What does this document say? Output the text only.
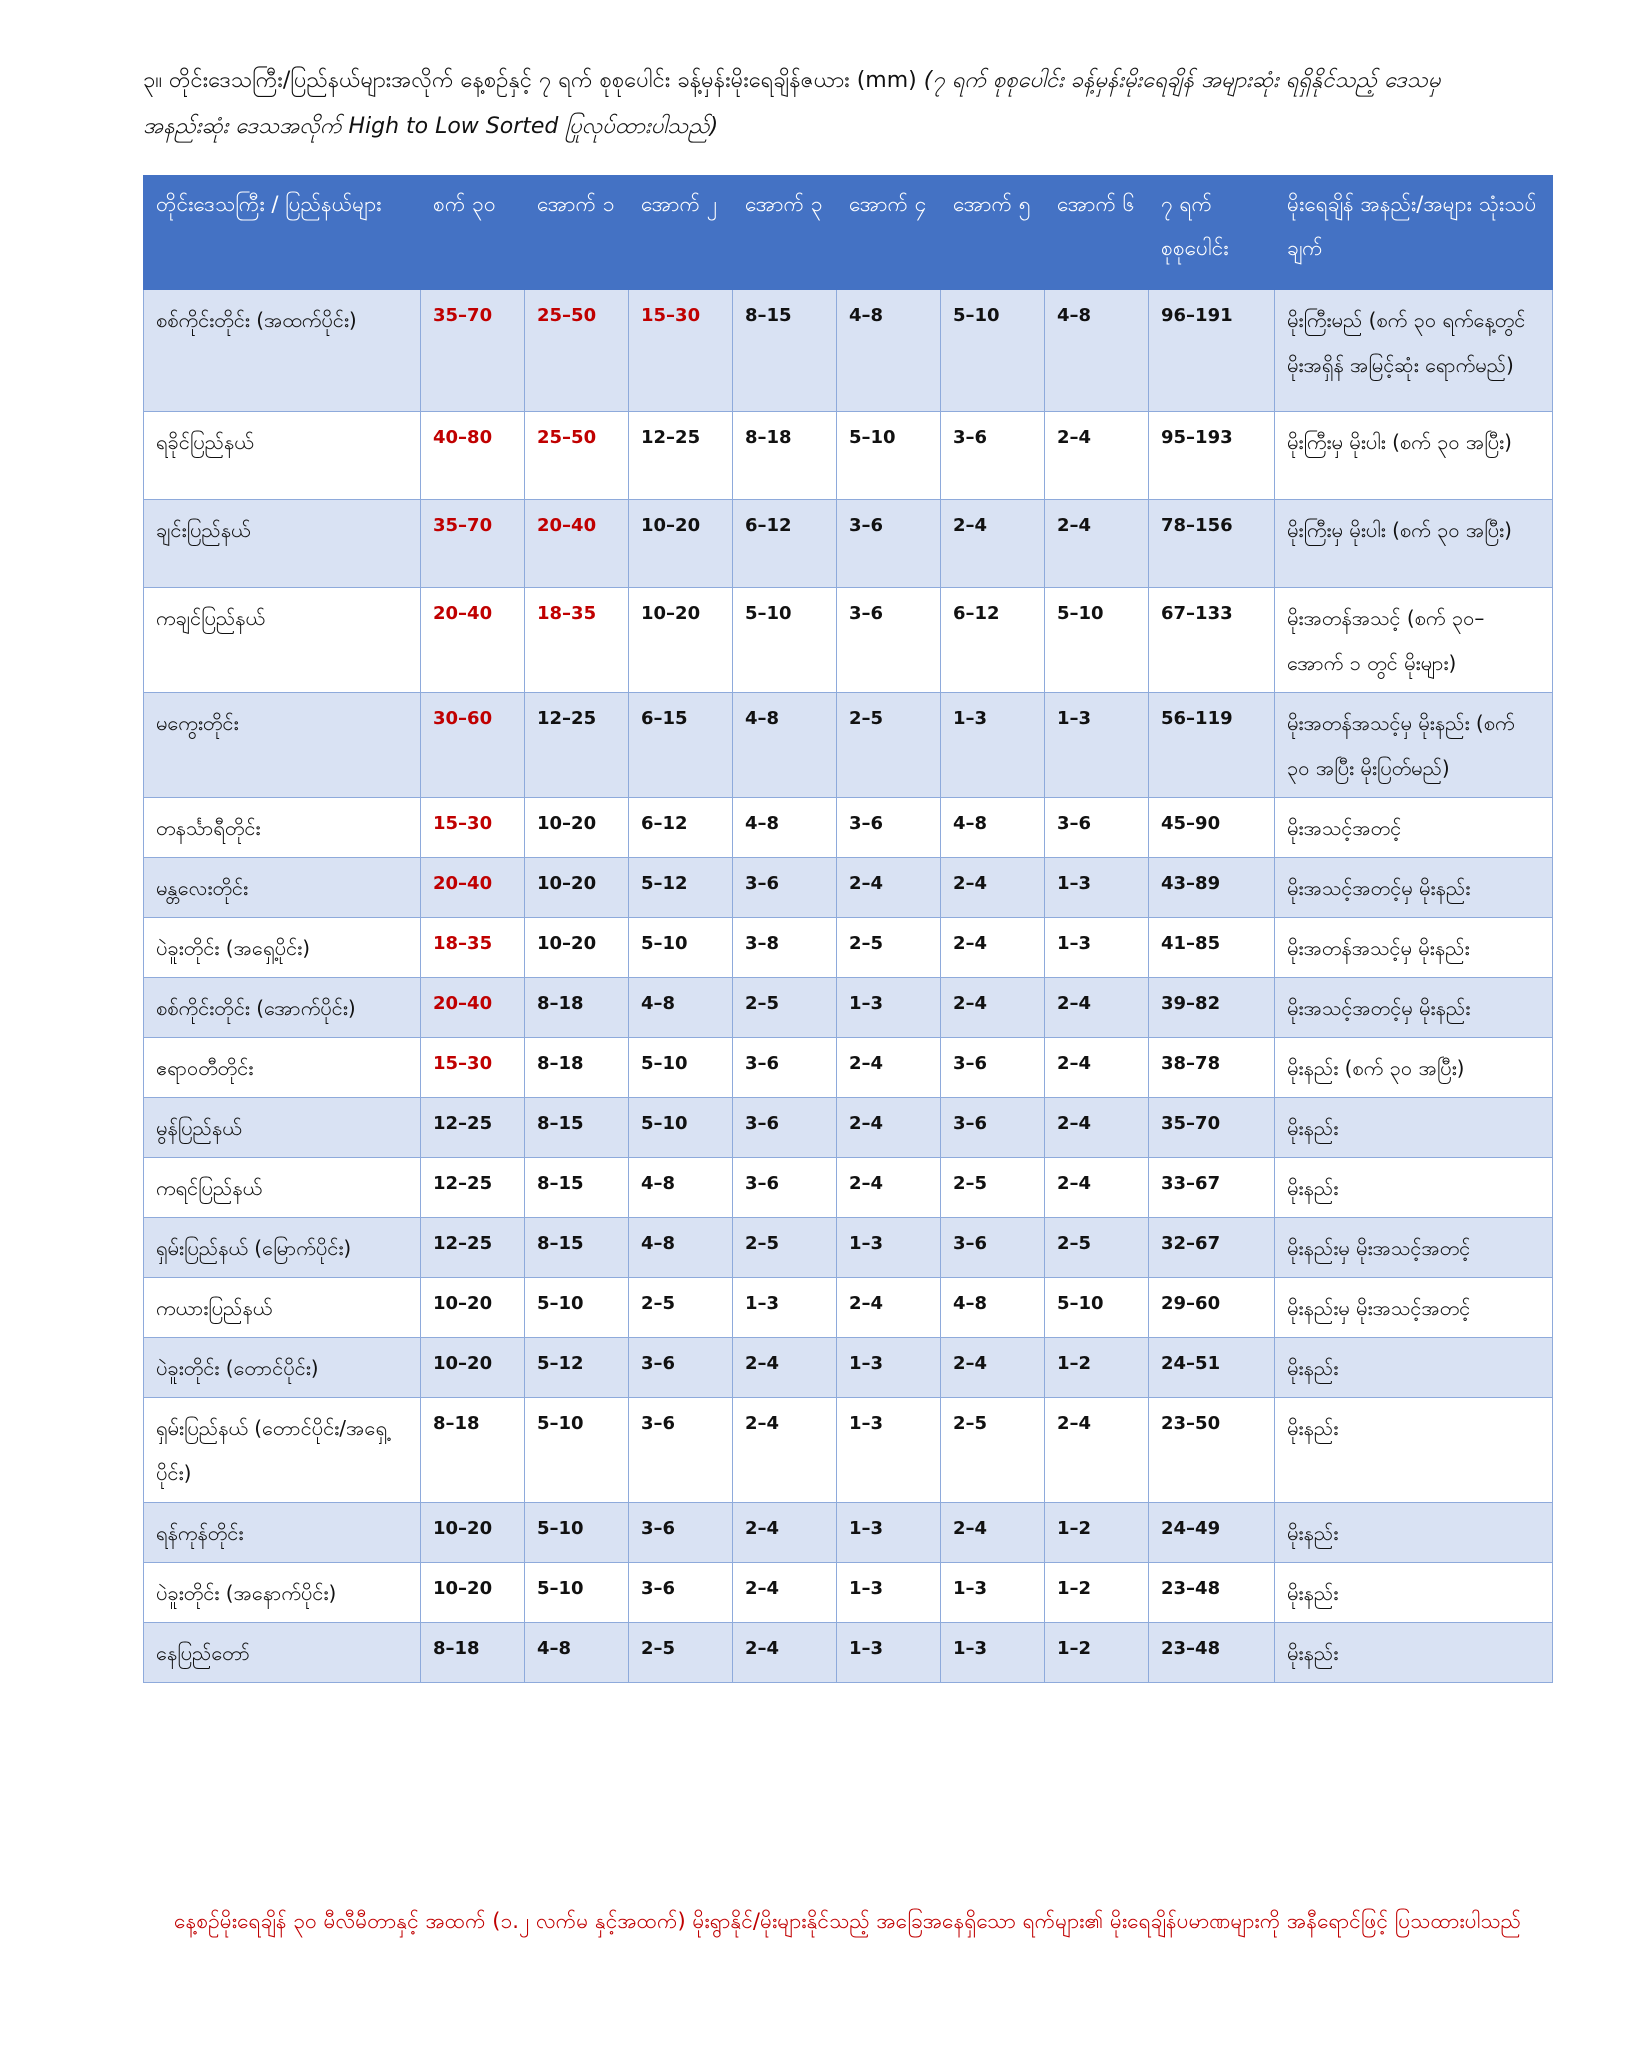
၃။ တိုင်းဒေသကြီး/ပြည်နယ်များအလိုက် နေ့စဉ်နှင့် ၇ ရက် စုစုပေါင်း ခန့်မှန်းမိုးရေချိန်ဇယား (mm) (၇ ရက် စုစုပေါင်း ခန့်မှန်းမိုးရေချိန် အများဆုံး ရရှိနိုင်သည့် ဒေသမှ အနည်းဆုံး ဒေသအလိုက် High to Low Sorted ပြုလုပ်ထားပါသည်)
တိုင်းဒေသကြီး / ပြည်နယ်များ	စက် ၃၀	အောက် ၁	အောက် ၂	အောက် ၃	အောက် ၄	အောက် ၅	အောက် ၆	၇ ရက် စုစုပေါင်း	မိုးရေချိန် အနည်း/အများ သုံးသပ်ချက်
စစ်ကိုင်းတိုင်း (အထက်ပိုင်း)	35–70	25–50	15–30	8–15	4–8	5–10	4–8	96–191	မိုးကြီးမည် (စက် ၃၀ ရက်နေ့တွင် မိုးအရှိန် အမြင့်ဆုံး ရောက်မည်)
ရခိုင်ပြည်နယ်	40–80	25–50	12–25	8–18	5–10	3–6	2–4	95–193	မိုးကြီးမှ မိုးပါး (စက် ၃၀ အပြီး)
ချင်းပြည်နယ်	35–70	20–40	10–20	6–12	3–6	2–4	2–4	78–156	မိုးကြီးမှ မိုးပါး (စက် ၃၀ အပြီး)
ကချင်ပြည်နယ်	20–40	18–35	10–20	5–10	3–6	6–12	5–10	67–133	မိုးအတန်အသင့် (စက် ၃၀–အောက် ၁ တွင် မိုးများ)
မကွေးတိုင်း	30–60	12–25	6–15	4–8	2–5	1–3	1–3	56–119	မိုးအတန်အသင့်မှ မိုးနည်း (စက် ၃၀ အပြီး မိုးပြတ်မည်)
တနင်္သာရီတိုင်း	15–30	10–20	6–12	4–8	3–6	4–8	3–6	45–90	မိုးအသင့်အတင့်
မန္တလေးတိုင်း	20–40	10–20	5–12	3–6	2–4	2–4	1–3	43–89	မိုးအသင့်အတင့်မှ မိုးနည်း
ပဲခူးတိုင်း (အရှေ့ပိုင်း)	18–35	10–20	5–10	3–8	2–5	2–4	1–3	41–85	မိုးအတန်အသင့်မှ မိုးနည်း
စစ်ကိုင်းတိုင်း (အောက်ပိုင်း)	20–40	8–18	4–8	2–5	1–3	2–4	2–4	39–82	မိုးအသင့်အတင့်မှ မိုးနည်း
ဧရာဝတီတိုင်း	15–30	8–18	5–10	3–6	2–4	3–6	2–4	38–78	မိုးနည်း (စက် ၃၀ အပြီး)
မွန်ပြည်နယ်	12–25	8–15	5–10	3–6	2–4	3–6	2–4	35–70	မိုးနည်း
ကရင်ပြည်နယ်	12–25	8–15	4–8	3–6	2–4	2–5	2–4	33–67	မိုးနည်း
ရှမ်းပြည်နယ် (မြောက်ပိုင်း)	12–25	8–15	4–8	2–5	1–3	3–6	2–5	32–67	မိုးနည်းမှ မိုးအသင့်အတင့်
ကယားပြည်နယ်	10–20	5–10	2–5	1–3	2–4	4–8	5–10	29–60	မိုးနည်းမှ မိုးအသင့်အတင့်
ပဲခူးတိုင်း (တောင်ပိုင်း)	10–20	5–12	3–6	2–4	1–3	2–4	1–2	24–51	မိုးနည်း
ရှမ်းပြည်နယ် (တောင်ပိုင်း/အရှေ့ပိုင်း)	8–18	5–10	3–6	2–4	1–3	2–5	2–4	23–50	မိုးနည်း
ရန်ကုန်တိုင်း	10–20	5–10	3–6	2–4	1–3	2–4	1–2	24–49	မိုးနည်း
ပဲခူးတိုင်း (အနောက်ပိုင်း)	10–20	5–10	3–6	2–4	1–3	1–3	1–2	23–48	မိုးနည်း
နေပြည်တော်	8–18	4–8	2–5	2–4	1–3	1–3	1–2	23–48	မိုးနည်း
နေ့စဉ်မိုးရေချိန် ၃၀ မီလီမီတာနှင့် အထက် (၁.၂ လက်မ နှင့်အထက်) မိုးရွာနိုင်/မိုးများနိုင်သည့် အခြေအနေရှိသော ရက်များ၏ မိုးရေချိန်ပမာဏများကို အနီရောင်ဖြင့် ပြသထားပါသည်
